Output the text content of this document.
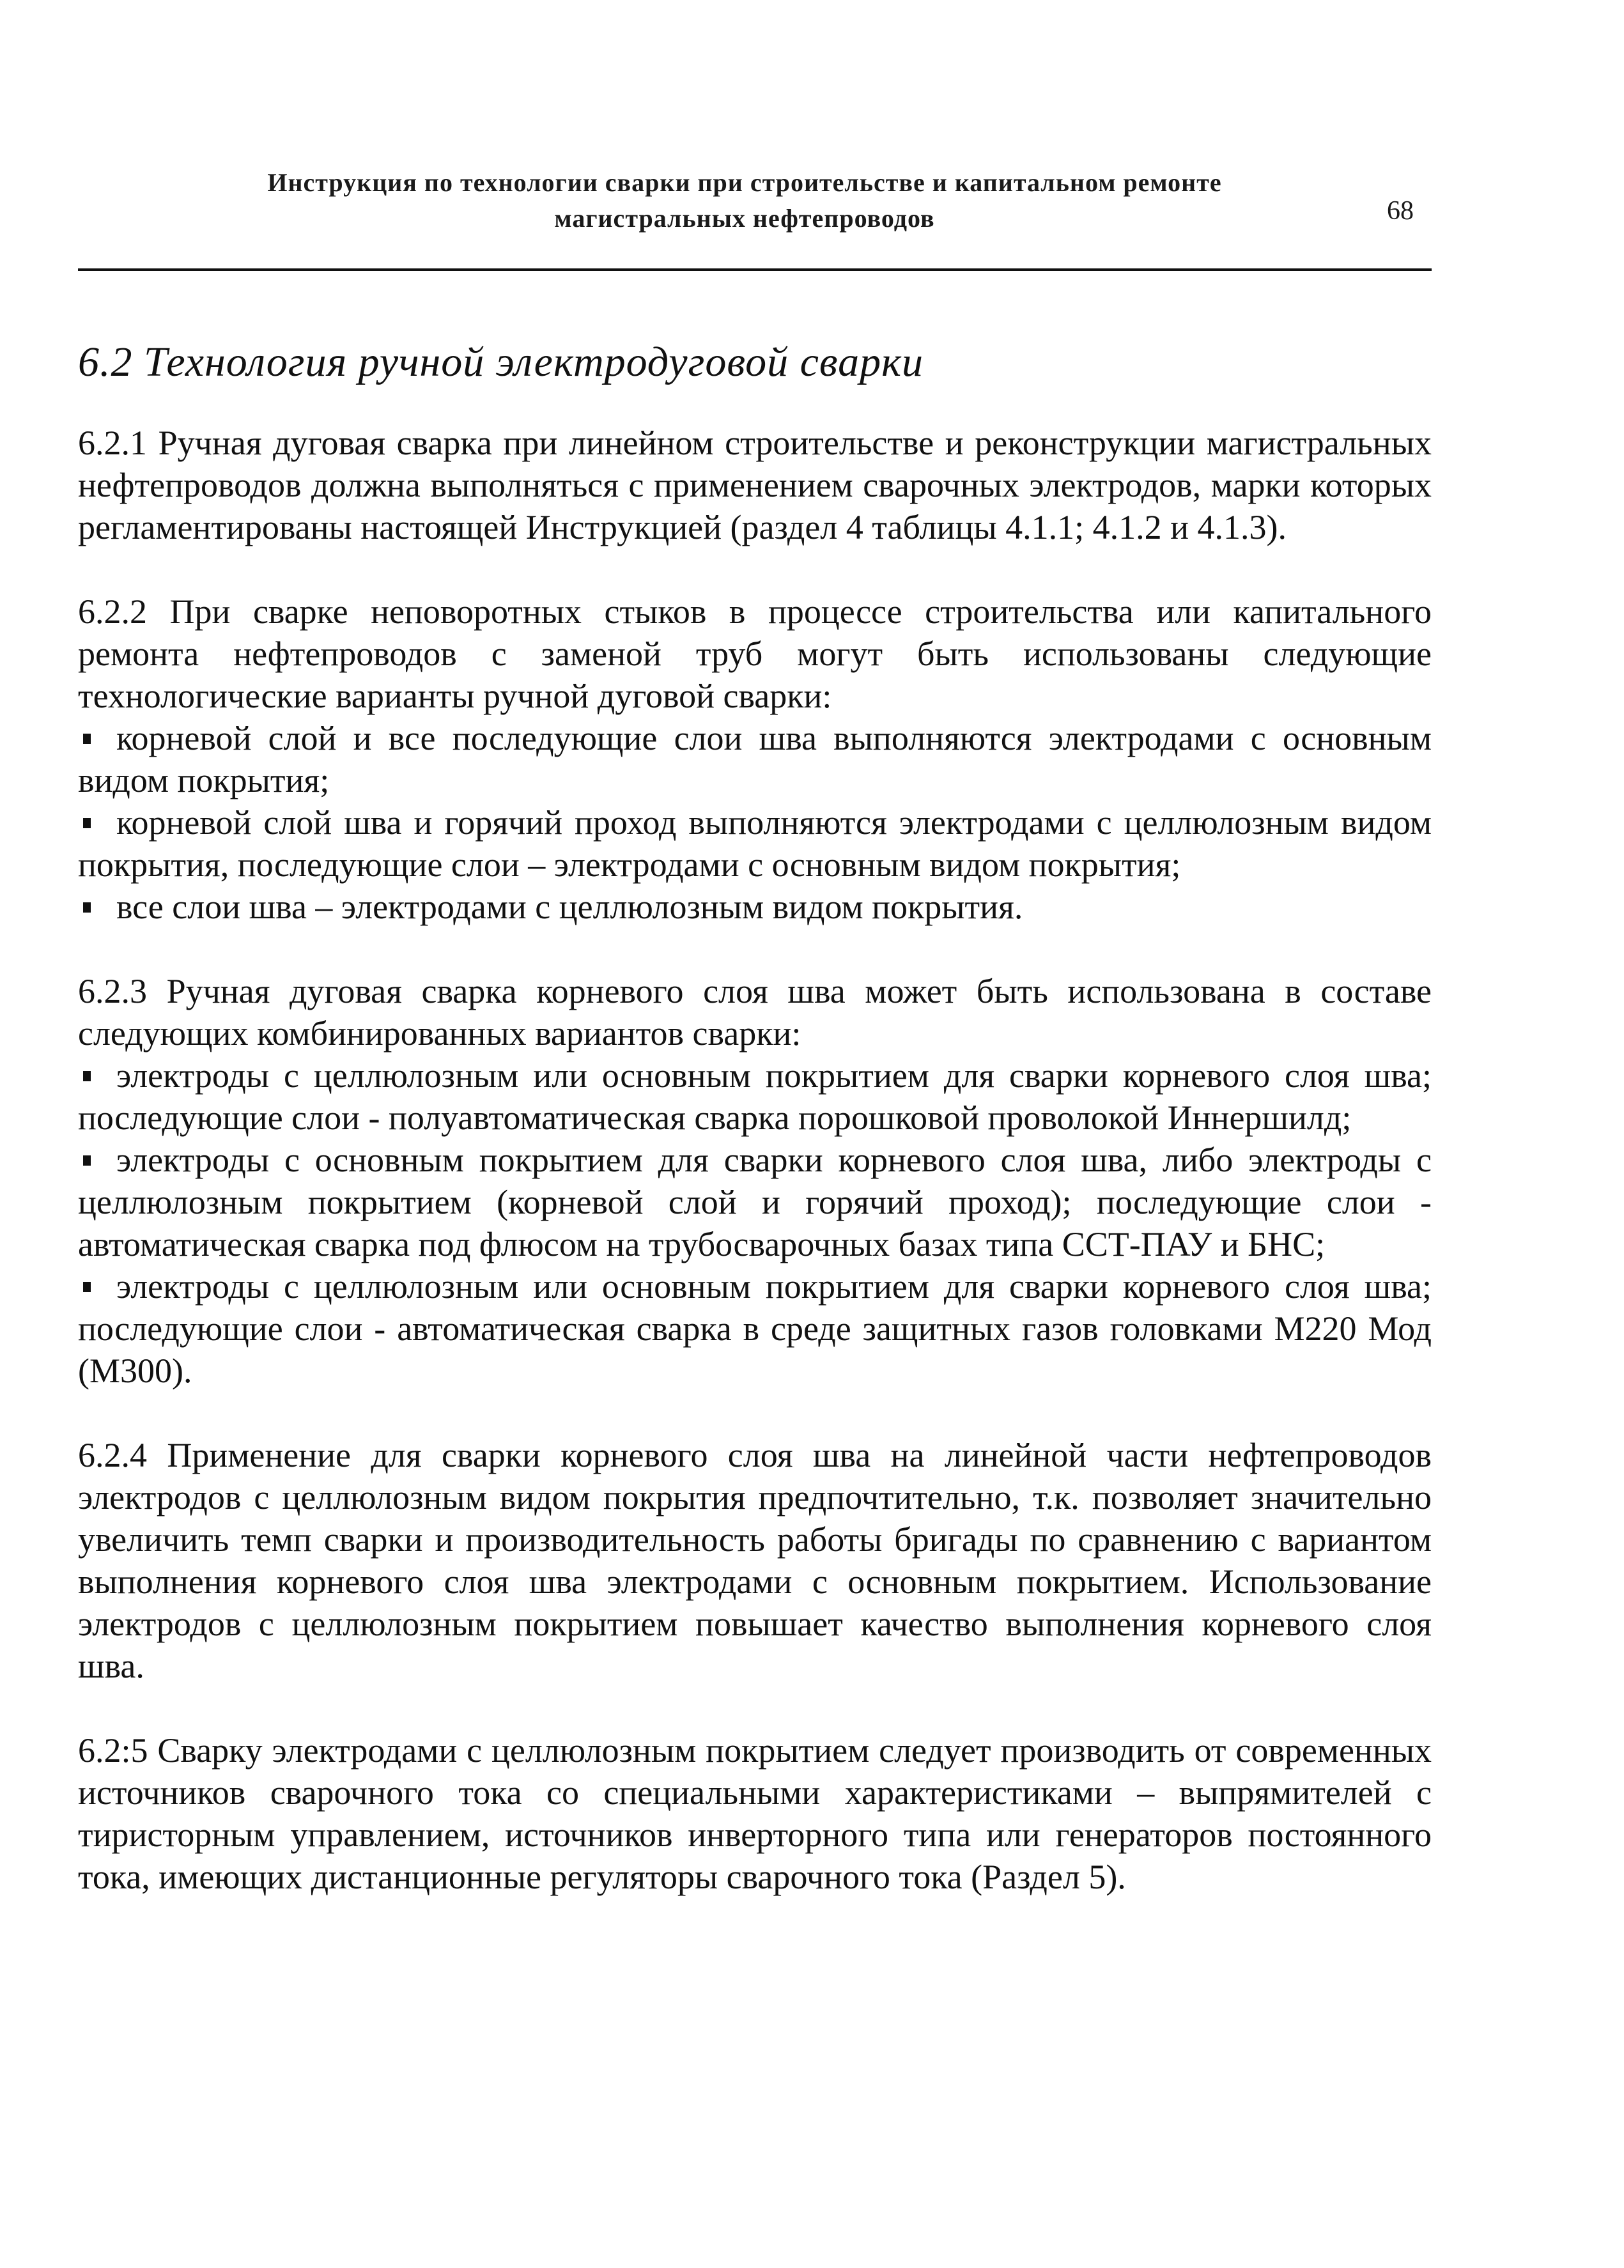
Инструкция по технологии сварки при строительстве и капитальном ремонте
магистральных нефтепроводов	68
6.2 Технология ручной электродуговой сварки

6.2.1 Ручная дуговая сварка при линейном строительстве и реконструкции магистральных нефтепроводов должна выполняться с применением сварочных электродов, марки которых регламентированы настоящей Инструкцией (раздел 4 таблицы 4.1.1; 4.1.2 и 4.1.3).

6.2.2 При сварке неповоротных стыков в процессе строительства или капитального ремонта нефтепроводов с заменой труб могут быть использованы следующие технологические варианты ручной дуговой сварки:

корневой слой и все последующие слои шва выполняются электродами с основным видом покрытия;

корневой слой шва и горячий проход выполняются электродами с целлюлозным видом покрытия, последующие слои – электродами с основным видом покрытия;

все слои шва – электродами с целлюлозным видом покрытия.

6.2.3 Ручная дуговая сварка корневого слоя шва может быть использована в составе следующих комбинированных вариантов сварки:

электроды с целлюлозным или основным покрытием для сварки корневого слоя шва; последующие слои - полуавтоматическая сварка порошковой проволокой Иннершилд;

электроды с основным покрытием для сварки корневого слоя шва, либо электроды с целлюлозным покрытием (корневой слой и горячий проход); последующие слои - автоматическая сварка под флюсом на трубосварочных базах типа ССТ-ПАУ и БНС;

электроды с целлюлозным или основным покрытием для сварки корневого слоя шва; последующие слои - автоматическая сварка в среде защитных газов головками М220 Мод (М300).

6.2.4 Применение для сварки корневого слоя шва на линейной части нефтепроводов электродов с целлюлозным видом покрытия предпочтительно, т.к. позволяет значительно увеличить темп сварки и производительность работы бригады по сравнению с вариантом выполнения корневого слоя шва электродами с основным покрытием. Использование электродов с целлюлозным покрытием повышает качество выполнения корневого слоя шва.

6.2:5 Сварку электродами с целлюлозным покрытием следует производить от современных источников сварочного тока со специальными характеристиками – выпрямителей с тиристорным управлением, источников инверторного типа или генераторов постоянного тока, имеющих дистанционные регуляторы сварочного тока (Раздел 5).
